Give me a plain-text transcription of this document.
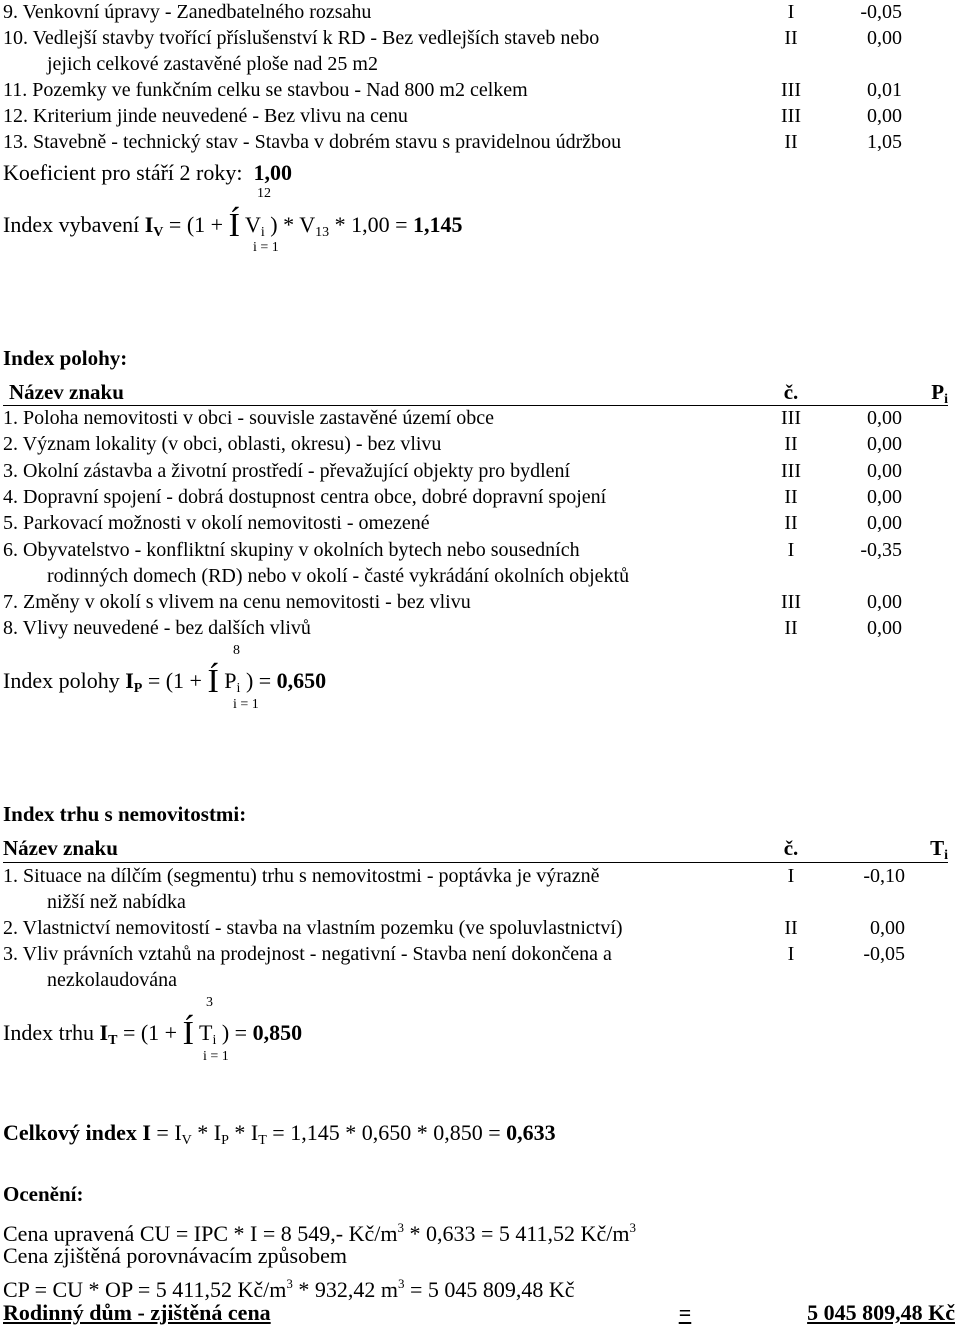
9. Venkovní úpravy - Zanedbatelného rozsahu	I	-0,05
10. Vedlejší stavby tvořící příslušenství k RD - Bez vedlejších staveb nebo	II	0,00
jejich celkové zastavěné ploše nad 25 m2
11. Pozemky ve funkčním celku se stavbou - Nad 800 m2 celkem	III	0,01
12. Kriterium jinde neuvedené - Bez vlivu na cenu	III	0,00
13. Stavebně - technický stav - Stavba v dobrém stavu s pravidelnou údržbou	II	1,05
Koeficient pro stáří 2 roky: 1,00
Index vybavení $I_V = (1$ + Í $V_i$ ) * $V_{13} * 1,00 = 1,145$
12
i = 1
Index polohy:
Název znaku	č.	$P_i$
1. Poloha nemovitosti v obci - souvisle zastavěné území obce	III	0,00
2. Význam lokality (v obci, oblasti, okresu) - bez vlivu	II	0,00
3. Okolní zástavba a životní prostředí - převažující objekty pro bydlení	III	0,00
4. Dopravní spojení - dobrá dostupnost centra obce, dobré dopravní spojení	II	0,00
5. Parkovací možnosti v okolí nemovitosti - omezené	II	0,00
6. Obyvatelstvo - konfliktní skupiny v okolních bytech nebo sousedních	I	-0,35
rodinných domech (RD) nebo v okolí - časté vykrádání okolních objektů
7. Změny v okolí s vlivem na cenu nemovitosti - bez vlivu	III	0,00
8. Vlivy neuvedené - bez dalších vlivů	II	0,00
Index polohy $I_P = (1$ + Í $P_i$ ) = 0,650
8
i = 1
Index trhu s nemovitostmi:
Název znaku	č.	$T_i$
1. Situace na dílčím (segmentu) trhu s nemovitostmi - poptávka je výrazně	I	-0,10
nižší než nabídka
2. Vlastnictví nemovitostí - stavba na vlastním pozemku (ve spoluvlastnictví)	II	0,00
3. Vliv právních vztahů na prodejnost - negativní - Stavba není dokončena a	I	-0,05
nezkolaudována
Index trhu $I_T = (1$ + Í $T_i$ ) = 0,850
3
i = 1
Celkový index $I = I_V * I_P * I_T = 1,145 * 0,650 * 0,850 = 0,633$
Ocenění:
Cena upravená CU = IPC * I = 8 549,- $Kč/m^3 * 0,633 = 5$ 411,52 $Kč/m^3$
Cena zjištěná porovnávacím způsobem
CP = CU * OP = 5 411,52 $Kč/m^3 * 932,42$ $m^3 = 5$ 045 809,48 Kč
Rodinný dům - zjištěná cena	=	5 045 809,48 Kč
